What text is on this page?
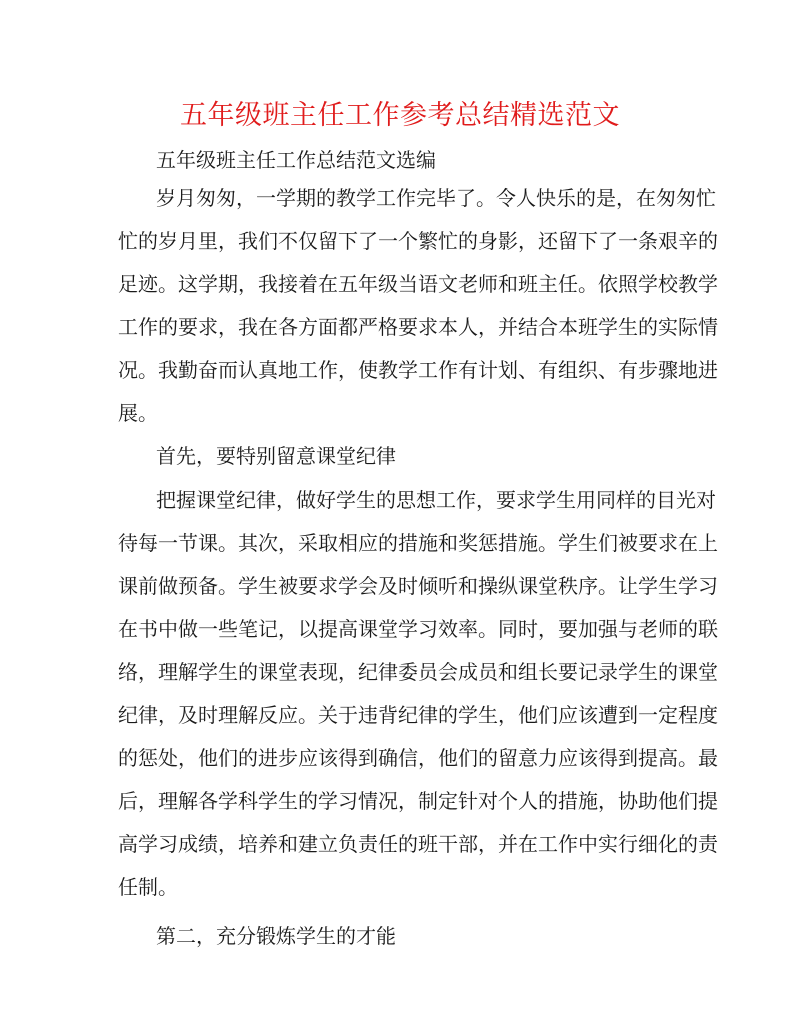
五年级班主任工作参考总结精选范文
五年级班主任工作总结范文选编
岁月匆匆，一学期的教学工作完毕了。令人快乐的是，在匆匆忙
忙的岁月里，我们不仅留下了一个繁忙的身影，还留下了一条艰辛的
足迹。这学期，我接着在五年级当语文老师和班主任。依照学校教学
工作的要求，我在各方面都严格要求本人，并结合本班学生的实际情
况。我勤奋而认真地工作，使教学工作有计划、有组织、有步骤地进
展。
首先，要特别留意课堂纪律
把握课堂纪律，做好学生的思想工作，要求学生用同样的目光对
待每一节课。其次，采取相应的措施和奖惩措施。学生们被要求在上
课前做预备。学生被要求学会及时倾听和操纵课堂秩序。让学生学习
在书中做一些笔记，以提高课堂学习效率。同时，要加强与老师的联
络，理解学生的课堂表现，纪律委员会成员和组长要记录学生的课堂
纪律，及时理解反应。关于违背纪律的学生，他们应该遭到一定程度
的惩处，他们的进步应该得到确信，他们的留意力应该得到提高。最
后，理解各学科学生的学习情况，制定针对个人的措施，协助他们提
高学习成绩，培养和建立负责任的班干部，并在工作中实行细化的责
任制。
第二，充分锻炼学生的才能
